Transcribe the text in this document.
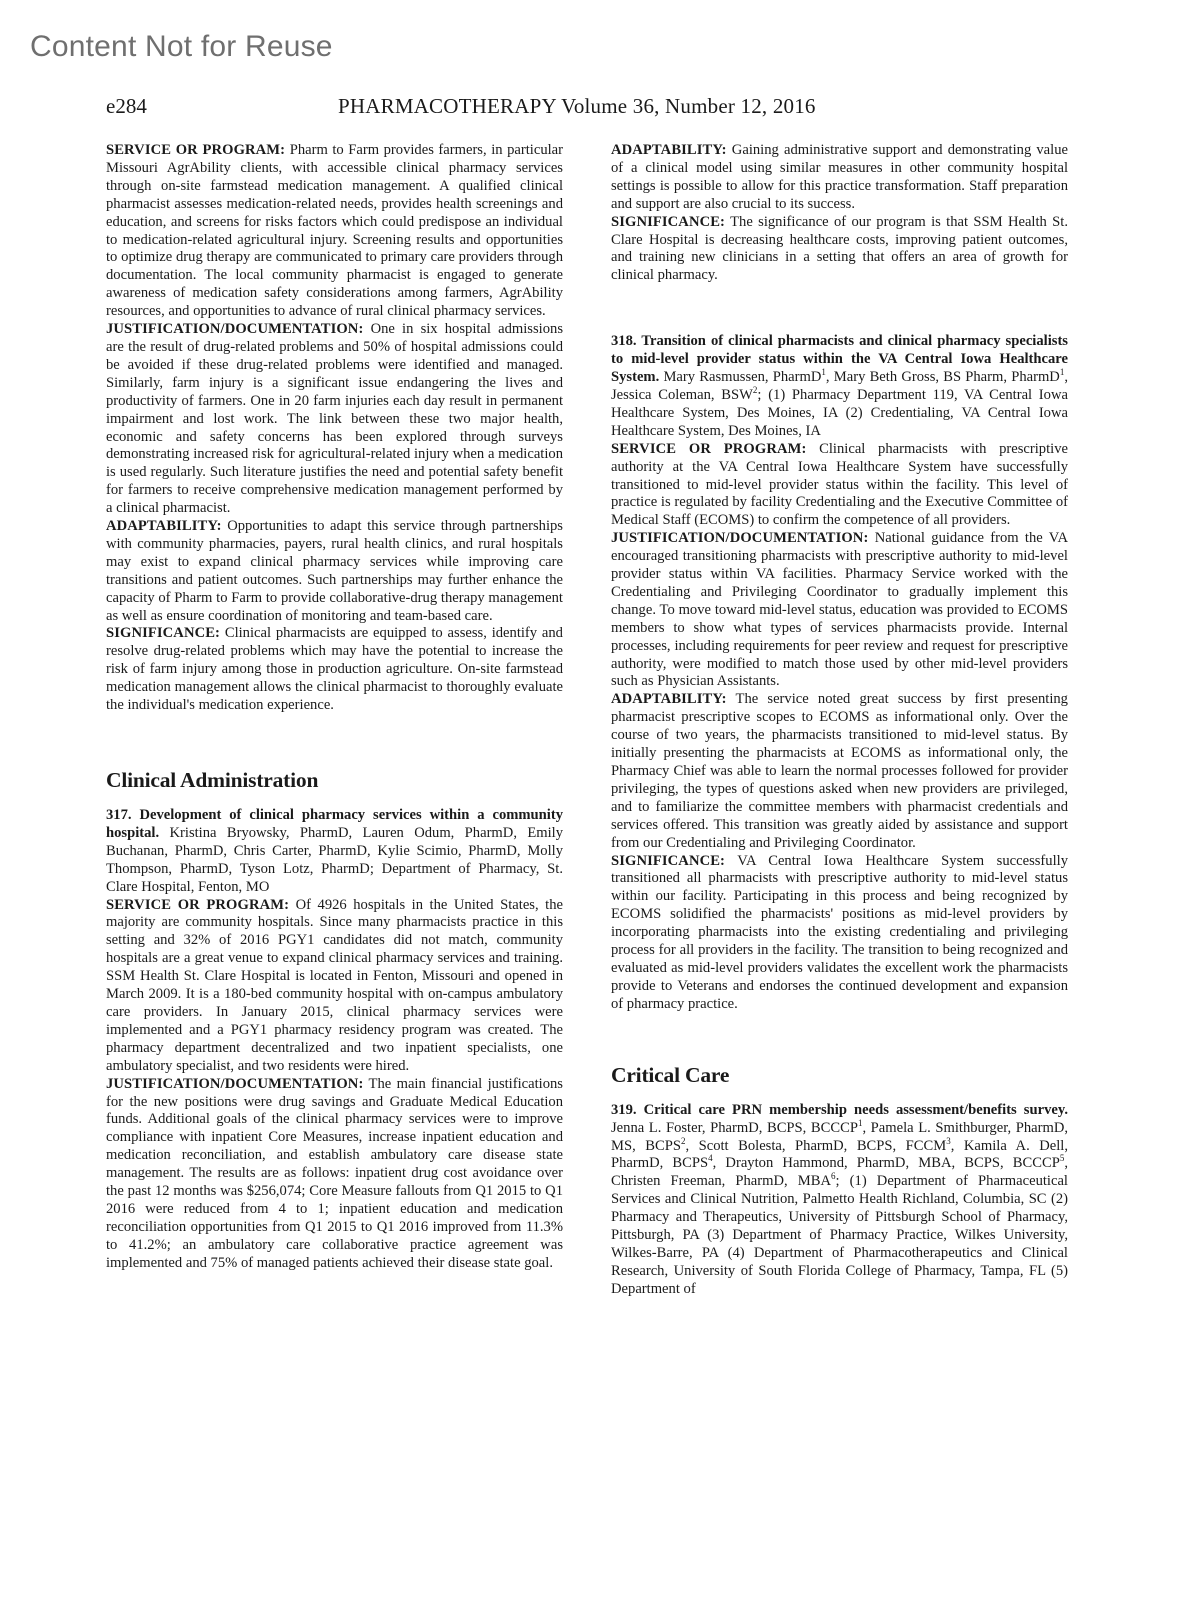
Content Not for Reuse
e284	PHARMACOTHERAPY Volume 36, Number 12, 2016

SERVICE OR PROGRAM: Pharm to Farm provides farmers, in particular Missouri AgrAbility clients, with accessible clinical pharmacy services through on-site farmstead medication management. A qualified clinical pharmacist assesses medication-related needs, provides health screenings and education, and screens for risks factors which could predispose an individual to medication-related agricultural injury. Screening results and opportunities to optimize drug therapy are communicated to primary care providers through documentation. The local community pharmacist is engaged to generate awareness of medication safety considerations among farmers, AgrAbility resources, and opportunities to advance of rural clinical pharmacy services.

JUSTIFICATION/DOCUMENTATION: One in six hospital admissions are the result of drug-related problems and 50% of hospital admissions could be avoided if these drug-related problems were identified and managed. Similarly, farm injury is a significant issue endangering the lives and productivity of farmers. One in 20 farm injuries each day result in permanent impairment and lost work. The link between these two major health, economic and safety concerns has been explored through surveys demonstrating increased risk for agricultural-related injury when a medication is used regularly. Such literature justifies the need and potential safety benefit for farmers to receive comprehensive medication management performed by a clinical pharmacist.

ADAPTABILITY: Opportunities to adapt this service through partnerships with community pharmacies, payers, rural health clinics, and rural hospitals may exist to expand clinical pharmacy services while improving care transitions and patient outcomes. Such partnerships may further enhance the capacity of Pharm to Farm to provide collaborative-drug therapy management as well as ensure coordination of monitoring and team-based care.

SIGNIFICANCE: Clinical pharmacists are equipped to assess, identify and resolve drug-related problems which may have the potential to increase the risk of farm injury among those in production agriculture. On-site farmstead medication management allows the clinical pharmacist to thoroughly evaluate the individual's medication experience.

Clinical Administration

317. Development of clinical pharmacy services within a community hospital. Kristina Bryowsky, PharmD, Lauren Odum, PharmD, Emily Buchanan, PharmD, Chris Carter, PharmD, Kylie Scimio, PharmD, Molly Thompson, PharmD, Tyson Lotz, PharmD; Department of Pharmacy, St. Clare Hospital, Fenton, MO

SERVICE OR PROGRAM: Of 4926 hospitals in the United States, the majority are community hospitals. Since many pharmacists practice in this setting and 32% of 2016 PGY1 candidates did not match, community hospitals are a great venue to expand clinical pharmacy services and training. SSM Health St. Clare Hospital is located in Fenton, Missouri and opened in March 2009. It is a 180-bed community hospital with on-campus ambulatory care providers. In January 2015, clinical pharmacy services were implemented and a PGY1 pharmacy residency program was created. The pharmacy department decentralized and two inpatient specialists, one ambulatory specialist, and two residents were hired.

JUSTIFICATION/DOCUMENTATION: The main financial justifications for the new positions were drug savings and Graduate Medical Education funds. Additional goals of the clinical pharmacy services were to improve compliance with inpatient Core Measures, increase inpatient education and medication reconciliation, and establish ambulatory care disease state management. The results are as follows: inpatient drug cost avoidance over the past 12 months was $256,074; Core Measure fallouts from Q1 2015 to Q1 2016 were reduced from 4 to 1; inpatient education and medication reconciliation opportunities from Q1 2015 to Q1 2016 improved from 11.3% to 41.2%; an ambulatory care collaborative practice agreement was implemented and 75% of managed patients achieved their disease state goal.

ADAPTABILITY: Gaining administrative support and demonstrating value of a clinical model using similar measures in other community hospital settings is possible to allow for this practice transformation. Staff preparation and support are also crucial to its success.

SIGNIFICANCE: The significance of our program is that SSM Health St. Clare Hospital is decreasing healthcare costs, improving patient outcomes, and training new clinicians in a setting that offers an area of growth for clinical pharmacy.

318. Transition of clinical pharmacists and clinical pharmacy specialists to mid-level provider status within the VA Central Iowa Healthcare System. Mary Rasmussen, PharmD$^1$, Mary Beth Gross, BS Pharm, PharmD$^1$, Jessica Coleman, BSW$^2$; (1) Pharmacy Department 119, VA Central Iowa Healthcare System, Des Moines, IA (2) Credentialing, VA Central Iowa Healthcare System, Des Moines, IA

SERVICE OR PROGRAM: Clinical pharmacists with prescriptive authority at the VA Central Iowa Healthcare System have successfully transitioned to mid-level provider status within the facility. This level of practice is regulated by facility Credentialing and the Executive Committee of Medical Staff (ECOMS) to confirm the competence of all providers.

JUSTIFICATION/DOCUMENTATION: National guidance from the VA encouraged transitioning pharmacists with prescriptive authority to mid-level provider status within VA facilities. Pharmacy Service worked with the Credentialing and Privileging Coordinator to gradually implement this change. To move toward mid-level status, education was provided to ECOMS members to show what types of services pharmacists provide. Internal processes, including requirements for peer review and request for prescriptive authority, were modified to match those used by other mid-level providers such as Physician Assistants.

ADAPTABILITY: The service noted great success by first presenting pharmacist prescriptive scopes to ECOMS as informational only. Over the course of two years, the pharmacists transitioned to mid-level status. By initially presenting the pharmacists at ECOMS as informational only, the Pharmacy Chief was able to learn the normal processes followed for provider privileging, the types of questions asked when new providers are privileged, and to familiarize the committee members with pharmacist credentials and services offered. This transition was greatly aided by assistance and support from our Credentialing and Privileging Coordinator.

SIGNIFICANCE: VA Central Iowa Healthcare System successfully transitioned all pharmacists with prescriptive authority to mid-level status within our facility. Participating in this process and being recognized by ECOMS solidified the pharmacists' positions as mid-level providers by incorporating pharmacists into the existing credentialing and privileging process for all providers in the facility. The transition to being recognized and evaluated as mid-level providers validates the excellent work the pharmacists provide to Veterans and endorses the continued development and expansion of pharmacy practice.

Critical Care

319. Critical care PRN membership needs assessment/benefits survey. Jenna L. Foster, PharmD, BCPS, BCCCP$^1$, Pamela L. Smithburger, PharmD, MS, BCPS$^2$, Scott Bolesta, PharmD, BCPS, FCCM$^3$, Kamila A. Dell, PharmD, BCPS$^4$, Drayton Hammond, PharmD, MBA, BCPS, BCCCP$^5$, Christen Freeman, PharmD, MBA$^6$; (1) Department of Pharmaceutical Services and Clinical Nutrition, Palmetto Health Richland, Columbia, SC (2) Pharmacy and Therapeutics, University of Pittsburgh School of Pharmacy, Pittsburgh, PA (3) Department of Pharmacy Practice, Wilkes University, Wilkes-Barre, PA (4) Department of Pharmacotherapeutics and Clinical Research, University of South Florida College of Pharmacy, Tampa, FL (5) Department of
